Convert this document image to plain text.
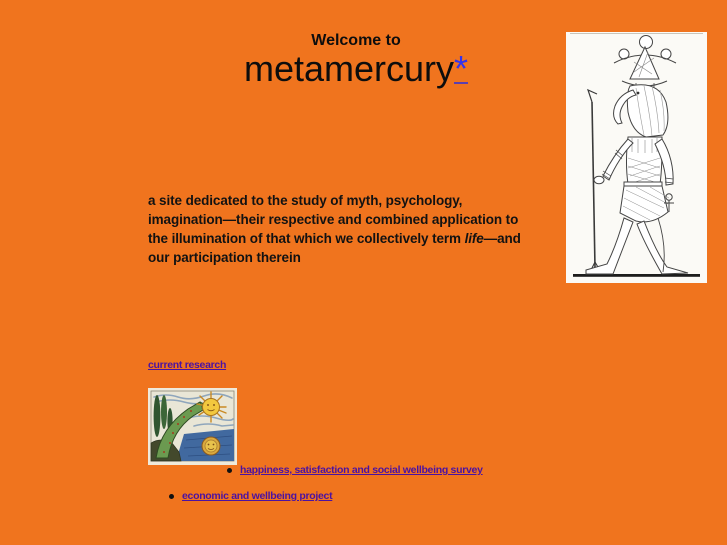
Welcome to
metamercury*
a site dedicated to the study of myth, psychology,
imagination—their respective and combined application to
the illumination of that which we collectively term life—and
our participation therein
current research
happiness, satisfaction and social wellbeing survey
economic and wellbeing project
